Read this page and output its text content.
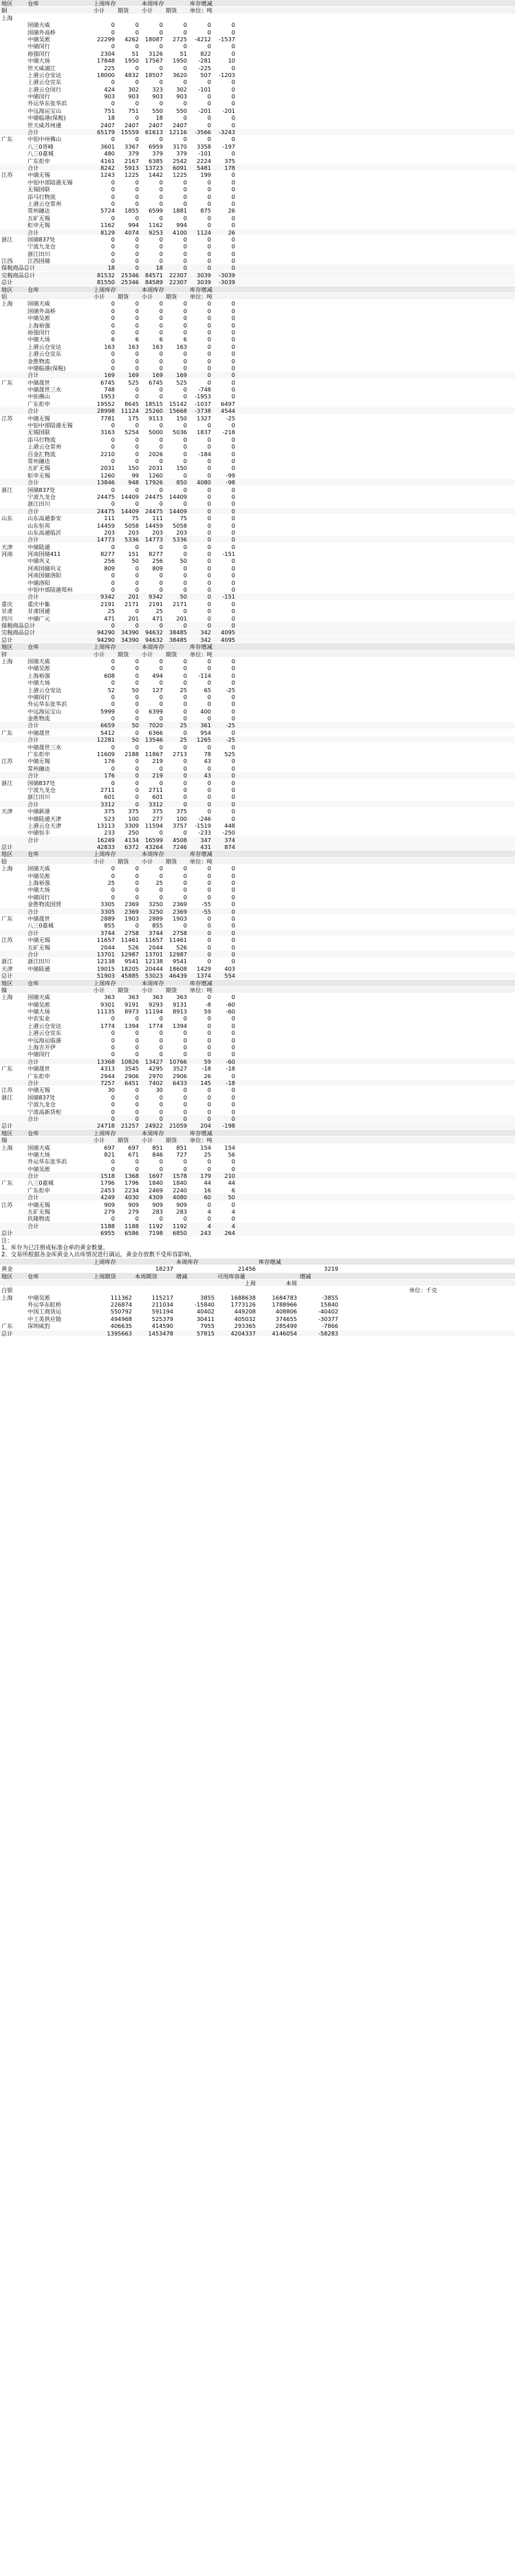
地区	仓库	上周库存	本周库存	库存增减
铜	小计	期货	小计	期货	单位：吨
上海
国储天威	0	0	0	0	0	0
国储外高桥	0	0	0	0	0	0
中储吴淞	22299	4262	18087	2725	-4212	-1537
中储闵行	0	0	0	0	0	0
裕强闵行	2304	51	3126	51	822	0
中储大场	17848	1950	17567	1950	-281	10
世天威浦江	225	0	0	0	-225	0
上港云仓安达	18000	4832	18507	3620	507	-1203
上港云仓宜东	0	0	0	0	0	0
上港云仓闵行	424	302	323	302	-101	0
中储闵行	903	903	903	903	0	0
外运华东张华浜	0	0	0	0	0	0
中远海运宝山	751	751	550	550	-201	-201
中储临港(保税)	18	0	18	0	0	0
世天威苏州通	2407	2407	2407	2407	0	0
合计	65179	15559	61613	12116	-3566	-3243
广东	中铝中州佛山	0	0	0	0	0	0
八三0晋峰	3601	3367	6959	3170	3358	-197
八三0嘉城	480	379	379	379	-101	0
广东炬申	4161	2167	6385	2542	2224	375
合计	8242	5913	13723	6091	5481	178
江苏	中储无锡	1243	1225	1442	1225	199	0
中铝中部陆港无锡	0	0	0	0	0	0
无锡国联	0	0	0	0	0	0
添马行物流	0	0	0	0	0	0
上港云仓常州	0	0	0	0	0	0
常州融达	5724	1855	6599	1881	875	26
五矿无锡	0	0	0	0	0	0
炬申无锡	1162	994	1162	994	0	0
合计	8129	4074	9253	4100	1124	26
浙江	国储837处	0	0	0	0	0	0
宁波九龙仓	0	0	0	0	0	0
浙江田川	0	0	0	0	0	0
江西	江西国储	0	0	0	0	0	0
保税商品总计	18	0	18	0	0	0
完税商品总计	81532	25346	84571	22307	3039	-3039
总计	81550	25346	84589	22307	3039	-3039
地区	仓库	上周库存	本周库存	库存增减
铝	小计	期货	小计	期货	单位：吨
上海	国储天威	0	0	0	0	0	0
国储外高桥	0	0	0	0	0	0
中储吴淞	0	0	0	0	0	0
上海裕强	0	0	0	0	0	0
裕强闵行	0	0	0	0	0	0
中储大场	6	6	6	6	0	0
上港云仓安达	163	163	163	163	0	0
上港云仓宜东	0	0	0	0	0	0
金胜物流	0	0	0	0	0	0
中储临港(保税)	0	0	0	0	0	0
合计	169	169	169	169	0	0
广东	中储晟世	6745	525	6745	525	0	0
中储晟世三水	748	0	0	0	-748	0
中拓佛山	1953	0	0	0	-1953	0
广东炬申	19552	8645	18515	15142	-1037	6497
合计	28998	11124	25260	15668	-3738	4544
江苏	中储无锡	7781	175	9113	150	1327	-25
中铝中部陆港无锡	0	0	0	0	0	0
无锡国联	3163	5254	5000	5036	1837	-218
添马行物流	0	0	0	0	0	0
上港云仓常州	0	0	0	0	0	0
百金汇物流	2210	0	2026	0	-184	0
常州融达	0	0	0	0	0	0
五矿无锡	2031	150	2031	150	0	0
炬申无锡	1260	99	1260	0	0	-99
合计	13846	948	17926	850	4080	-98
浙江	国储837处	0	0	0	0	0	0
宁波九龙仓	24475	14409	24475	14409	0	0
浙江田川	0	0	0	0	0	0
合计	24475	14409	24475	14409	0	0
山东	山东高通泰安	111	75	111	75	0	0
山东恒邦	14459	5058	14459	5058	0	0
山东高通临沂	203	203	203	203	0	0
合计	14773	5336	14773	5336	0	0
天津	中储陆通	0	0	0	0	0	0
河南	河南国储411	8277	151	8277	0	0	-151
中储巩义	256	50	256	50	0	0
河南国储巩义	809	0	809	0	0	0
河南国储洛阳	0	0	0	0	0	0
中储洛阳	0	0	0	0	0	0
中铝中部陆港郑州	0	0	0	0	0	0
合计	9342	201	9342	50	0	-151
重庆	重庆中集	2191	2171	2191	2171	0	0
甘肃	甘肃国通	25	0	25	0	0	0
四川	中储广元	471	201	471	201	0	0
保税商品总计	0	0	0	0	0	0
完税商品总计	94290	34390	94632	38485	342	4095
总计	94290	34390	94632	38485	342	4095
地区	仓库	上周库存	本周库存	库存增减
锌	小计	期货	小计	期货	单位：吨
上海	国储天威	0	0	0	0	0	0
中储吴淞	0	0	0	0	0	0
上海裕强	608	0	494	0	-114	0
中储大场	0	0	0	0	0	0
上港云仓安达	52	50	127	25	65	-25
中储闵行	0	0	0	0	0	0
外运华东张华浜	0	0	0	0	0	0
中远海运宝山	5999	0	6399	0	400	0
金胜物流	0	0	0	0	0	0
合计	6659	50	7020	25	361	-25
广东	中储晟世	5412	0	6366	0	954	0
合计	12281	50	13546	25	1265	-25
中储晟世三水	0	0	0	0	0	0
广东炬申	11609	2188	11867	2713	78	525
江苏	中储无锡	176	0	219	0	43	0
常州融达	0	0	0	0	0	0
合计	176	0	219	0	43	0
浙江	国储837处	0	0	0	0	0	0
宁波九龙仓	2711	0	2711	0	0	0
浙江田川	601	0	601	0	0	0
合计	3312	0	3312	0	0	0
天津	中储新港	375	375	375	375	0	0
中储陆通天津	523	100	277	100	-246	0
上港云仓天津	13113	3309	11594	3757	-1519	448
中储恒丰	233	250	0	0	-233	-250
合计	16249	4134	16599	4508	347	374
总计	42833	6372	43264	7246	431	874
地区	仓库	上周库存	本周库存	库存增减
铅	小计	期货	小计	期货	单位：吨
上海	国储天威	0	0	0	0	0	0
中储吴淞	0	0	0	0	0	0
上海裕强	25	0	25	0	0	0
中储大场	0	0	0	0	0	0
中储闵行	0	0	0	0	0	0
金胜物流国营	3305	2369	3250	2369	-55	0
合计	3305	2369	3250	2369	-55	0
广东	中储晟世	2889	1903	2889	1903	0	0
八三0嘉城	855	0	855	0	0	0
合计	3744	2758	3744	2758	0	0
江苏	中储无锡	11657	11461	11657	11461	0	0
五矿无锡	2044	526	2044	526	0	0
合计	13701	12987	13701	12987	0	0
浙江	浙江田川	12138	9541	12138	9541	0	0
天津	中储陆通	19015	18205	20444	18608	1429	403
总计	51903	45885	53023	46439	1374	554
地区	仓库	上周库存	本周库存	库存增减
镍	小计	期货	小计	期货	单位：吨
上海	国储天威	363	363	363	363	0	0
中储吴淞	9301	9191	9293	9131	-8	-60
中储大场	11135	8973	11194	8913	59	-60
中农实业	0	0	0	0	0	0
上港云仓安达	1774	1394	1774	1394	0	0
上港云仓宜东	0	0	0	0	0	0
中远海运临港	0	0	0	0	0	0
上海吉开伊	0	0	0	0	0	0
中储闵行	0	0	0	0	0	0
合计	13368	10826	13427	10766	59	-60
广东	中储晟世	4313	3545	4295	3527	-18	-18
广东炬申	2944	2906	2970	2906	26	0
合计	7257	6451	7402	6433	145	-18
江苏	中储无锡	30	0	30	0	0	0
浙江	国储837处	0	0	0	0	0	0
宁波九龙仓	0	0	0	0	0	0
宁波高新货柜	0	0	0	0	0	0
合计	0	0	0	0	0	0
总计	24718	21257	24922	21059	204	-198
地区	仓库	上周库存	本周库存	库存增减
锡	小计	期货	小计	期货	单位：吨
上海	国储天威	697	697	851	851	154	154
中储大场	821	671	846	727	25	56
外运华东张华浜	0	0	0	0	0	0
中储吴淞	0	0	0	0	0	0
合计	1518	1368	1697	1578	179	210
广东	八三0嘉城	1796	1796	1840	1840	44	44
广东炬申	2453	2234	2469	2240	16	6
合计	4249	4030	4309	4080	60	50
江苏	中储无锡	909	909	909	909	0	0
五矿无锡	279	279	283	283	4	4
玖隆物流	0	0	0	0	0	0
合计	1188	1188	1192	1192	4	4
总计	6955	6586	7198	6850	243	264
注：
1、库存为已注册成标准仓单的黄金数量。
2、交易所根据各金库黄金入出库情况进行调运，黄金存放数不受库容影响。
上周库存	本周库存	库存增减
黄金	18237	21456	3219
地区	仓库	上周期货	本周期货	增减	可用库容量	增减
上周	本周
白银	单位：千克
上海	中储吴淞	111362	115217	3855	1688638	1684783	-3855
外运华东虹桥	226874	211034	-15840	1773126	1788966	15840
中国工商货运	550792	591194	40402	449208	408806	-40402
中工美供应链	494968	525379	30411	405032	374655	-30377
广东	深圳威豹	406635	414590	7955	293365	285499	-7866
总计	1395663	1453478	57815	4204337	4146054	-58283
